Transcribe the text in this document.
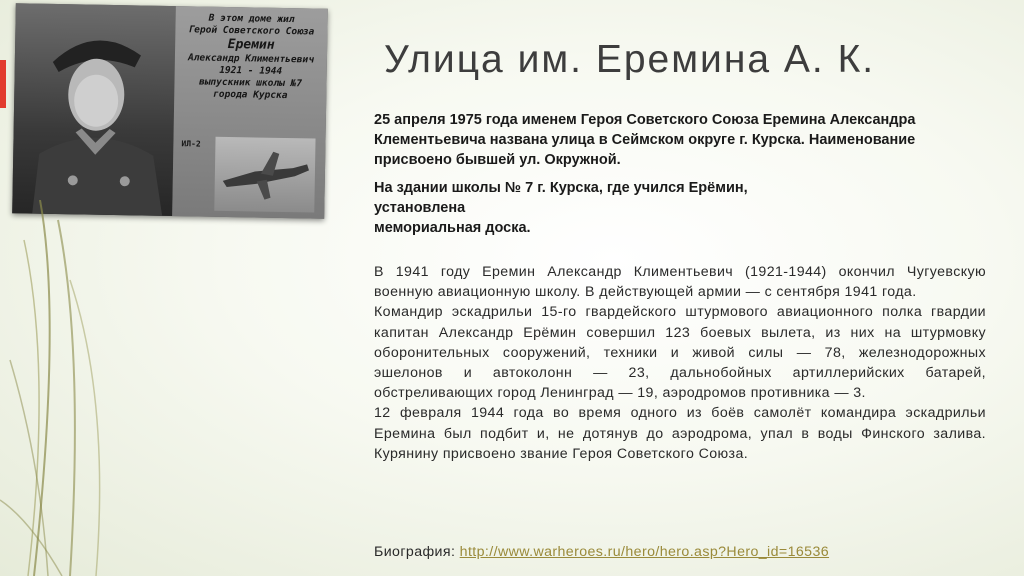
В этом доме жил
Герой Советского Союза
Еремин
Александр Климентьевич
1921 - 1944
выпускник школы №7
города Курска
ИЛ-2
Улица им. Еремина А. К.

25 апреля 1975 года именем Героя Советского Союза Еремина Александра Клементьевича названа улица в Сеймском округе г. Курска. Наименование присвоено бывшей ул. Окружной.

На здании школы № 7 г. Курска, где учился Ерёмин,
установлена
мемориальная доска.

В 1941 году Еремин Александр Климентьевич (1921-1944) окончил Чугуевскую военную авиационную школу. В действующей армии — с сентября 1941 года.

Командир эскадрильи 15-го гвардейского штурмового авиационного полка гвардии капитан Александр Ерёмин совершил 123 боевых вылета, из них на штурмовку оборонительных сооружений, техники и живой силы — 78, железнодорожных эшелонов и автоколонн — 23, дальнобойных артиллерийских батарей, обстреливающих город Ленинград — 19, аэродромов противника — 3.

12 февраля 1944 года во время одного из боёв самолёт командира эскадрильи Еремина был подбит и, не дотянув до аэродрома, упал в воды Финского залива. Курянину присвоено звание Героя Советского Союза.

Биография: http://www.warheroes.ru/hero/hero.asp?Hero_id=16536
